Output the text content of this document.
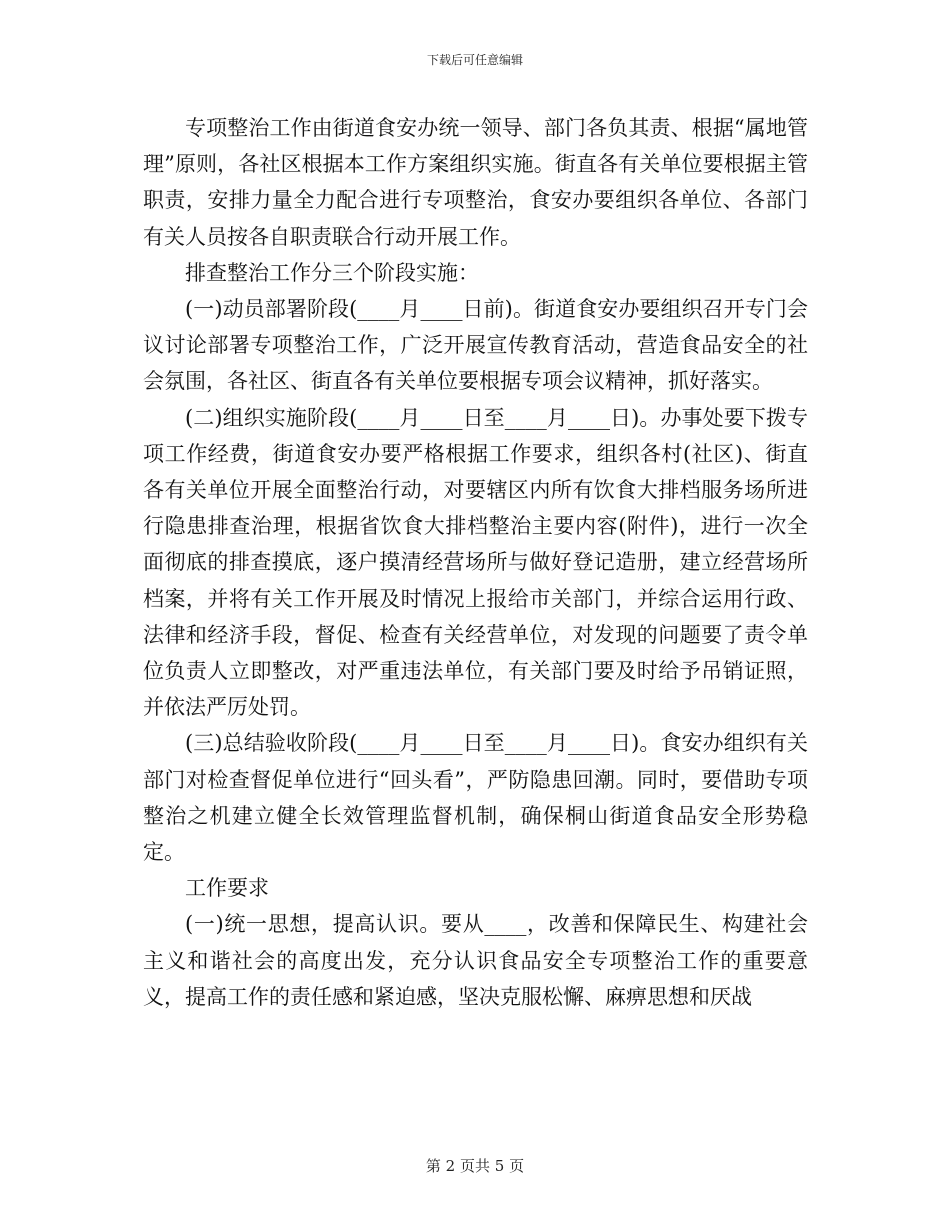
下载后可任意编辑

专项整治工作由街道食安办统一领导、部门各负其责、根据“属地管理”原则，各社区根据本工作方案组织实施。街直各有关单位要根据主管职责，安排力量全力配合进行专项整治，食安办要组织各单位、各部门有关人员按各自职责联合行动开展工作。

排查整治工作分三个阶段实施：

(一)动员部署阶段(____月____日前)。街道食安办要组织召开专门会议讨论部署专项整治工作，广泛开展宣传教育活动，营造食品安全的社会氛围，各社区、街直各有关单位要根据专项会议精神，抓好落实。

(二)组织实施阶段(____月____日至____月____日)。办事处要下拨专项工作经费，街道食安办要严格根据工作要求，组织各村(社区)、街直各有关单位开展全面整治行动，对要辖区内所有饮食大排档服务场所进行隐患排查治理，根据省饮食大排档整治主要内容(附件)，进行一次全面彻底的排查摸底，逐户摸清经营场所与做好登记造册，建立经营场所档案，并将有关工作开展及时情况上报给市关部门，并综合运用行政、法律和经济手段，督促、检查有关经营单位，对发现的问题要了责令单位负责人立即整改，对严重违法单位，有关部门要及时给予吊销证照，并依法严厉处罚。

(三)总结验收阶段(____月____日至____月____日)。食安办组织有关部门对检查督促单位进行“回头看”，严防隐患回潮。同时，要借助专项整治之机建立健全长效管理监督机制，确保桐山街道食品安全形势稳定。

工作要求

(一)统一思想，提高认识。要从____，改善和保障民生、构建社会主义和谐社会的高度出发，充分认识食品安全专项整治工作的重要意义，提高工作的责任感和紧迫感，坚决克服松懈、麻痹思想和厌战

第 2 页共 5 页
